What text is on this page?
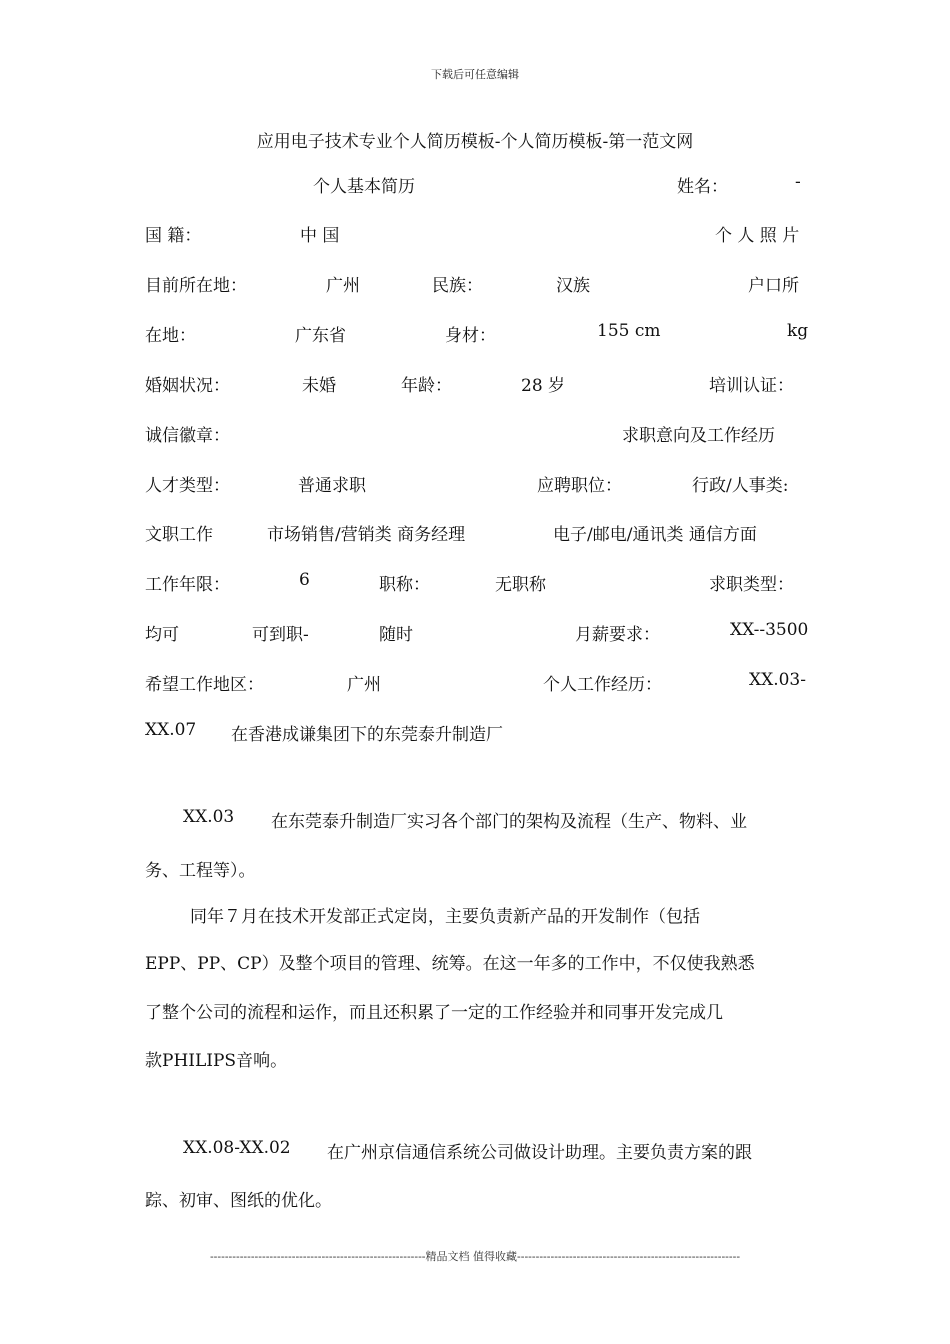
下载后可任意编辑
应用电子技术专业个人简历模板-个人简历模板-第一范文网
个人基本简历	姓名：	-
国 籍：	中 国	个 人 照 片
目前所在地：	广州	民族：	汉族	户口所
在地：	广东省	身材：	155 cm	kg
婚姻状况：	未婚	年龄：	28 岁	培训认证：
诚信徽章：	求职意向及工作经历
人才类型：	普通求职	应聘职位：	行政/人事类:
文职工作	市场销售/营销类 商务经理	电子/邮电/通讯类 通信方面
工作年限：	6	职称：	无职称	求职类型：
均可	可到职-	随时	月薪要求：	XX--3500
希望工作地区：	广州	个人工作经历：	XX.03-
XX.07 在香港成谦集团下的东莞泰升制造厂
XX.03 在东莞泰升制造厂实习各个部门的架构及流程（生产、物料、业
务、工程等）。
同年７月在技术开发部正式定岗，主要负责新产品的开发制作（包括
EPP、PP、CP）及整个项目的管理、统筹。在这一年多的工作中，不仅使我熟悉
了整个公司的流程和运作，而且还积累了一定的工作经验并和同事开发完成几
款PHILIPS音响。
XX.08-XX.02 在广州京信通信系统公司做设计助理。主要负责方案的跟
踪、初审、图纸的优化。
----------------------------------------------------------精品文档 值得收藏------------------------------------------------------------
